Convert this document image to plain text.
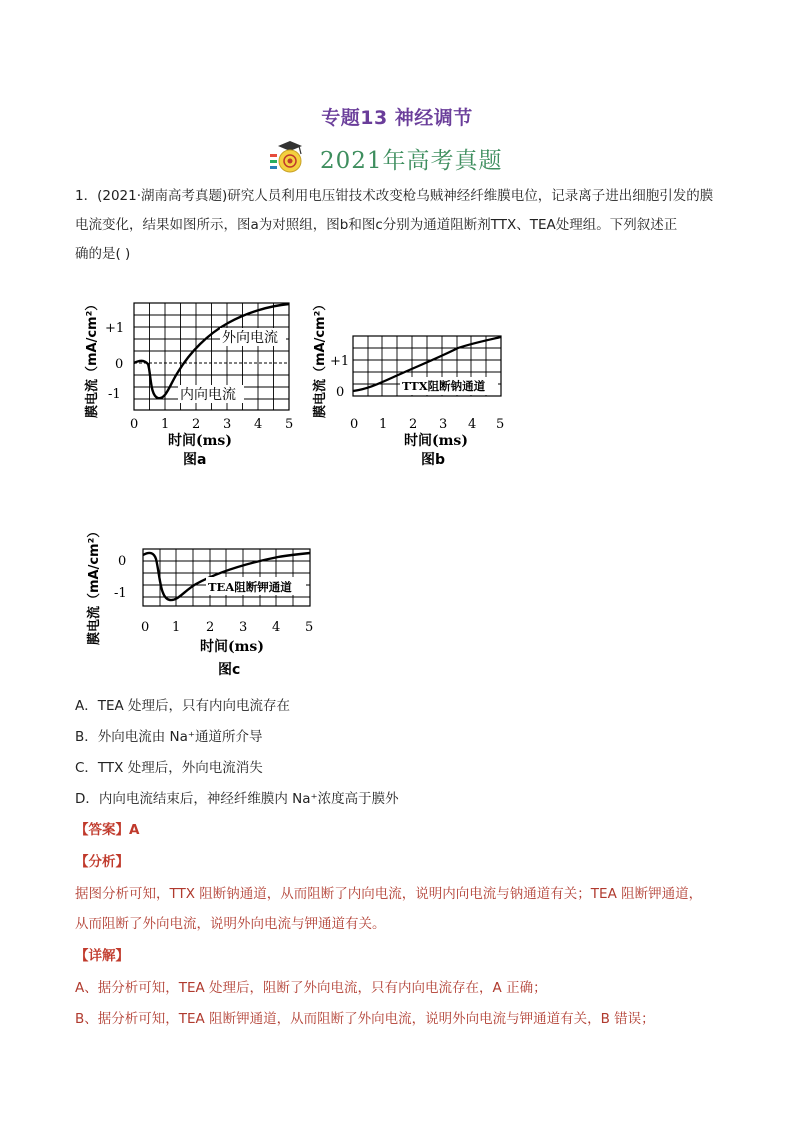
专题13 神经调节
2021年高考真题
1．(2021·湖南高考真题)研究人员利用电压钳技术改变枪乌贼神经纤维膜电位，记录离子进出细胞引发的膜
电流变化，结果如图所示，图a为对照组，图b和图c分别为通道阻断剂TTX、TEA处理组。下列叙述正
确的是( )
外向电流
内向电流
+1
0
-1
0 1 2 3 4 5
时间(ms)
图a
膜电流（mA/cm²）	TTX阻断钠通道
+1
0
0 1 2 3 4 5
时间(ms)
图b
膜电流（mA/cm²）
TEA阻断钾通道
0
-1
0 1 2 3 4 5
时间(ms)
图c
膜电流（mA/cm²）
A．TEA 处理后，只有内向电流存在
B．外向电流由 Na⁺通道所介导
C．TTX 处理后，外向电流消失
D．内向电流结束后，神经纤维膜内 Na⁺浓度高于膜外
【答案】A
【分析】
据图分析可知，TTX 阻断钠通道，从而阻断了内向电流，说明内向电流与钠通道有关；TEA 阻断钾通道，
从而阻断了外向电流，说明外向电流与钾通道有关。
【详解】
A、据分析可知，TEA 处理后，阻断了外向电流，只有内向电流存在，A 正确；
B、据分析可知，TEA 阻断钾通道，从而阻断了外向电流，说明外向电流与钾通道有关，B 错误；
